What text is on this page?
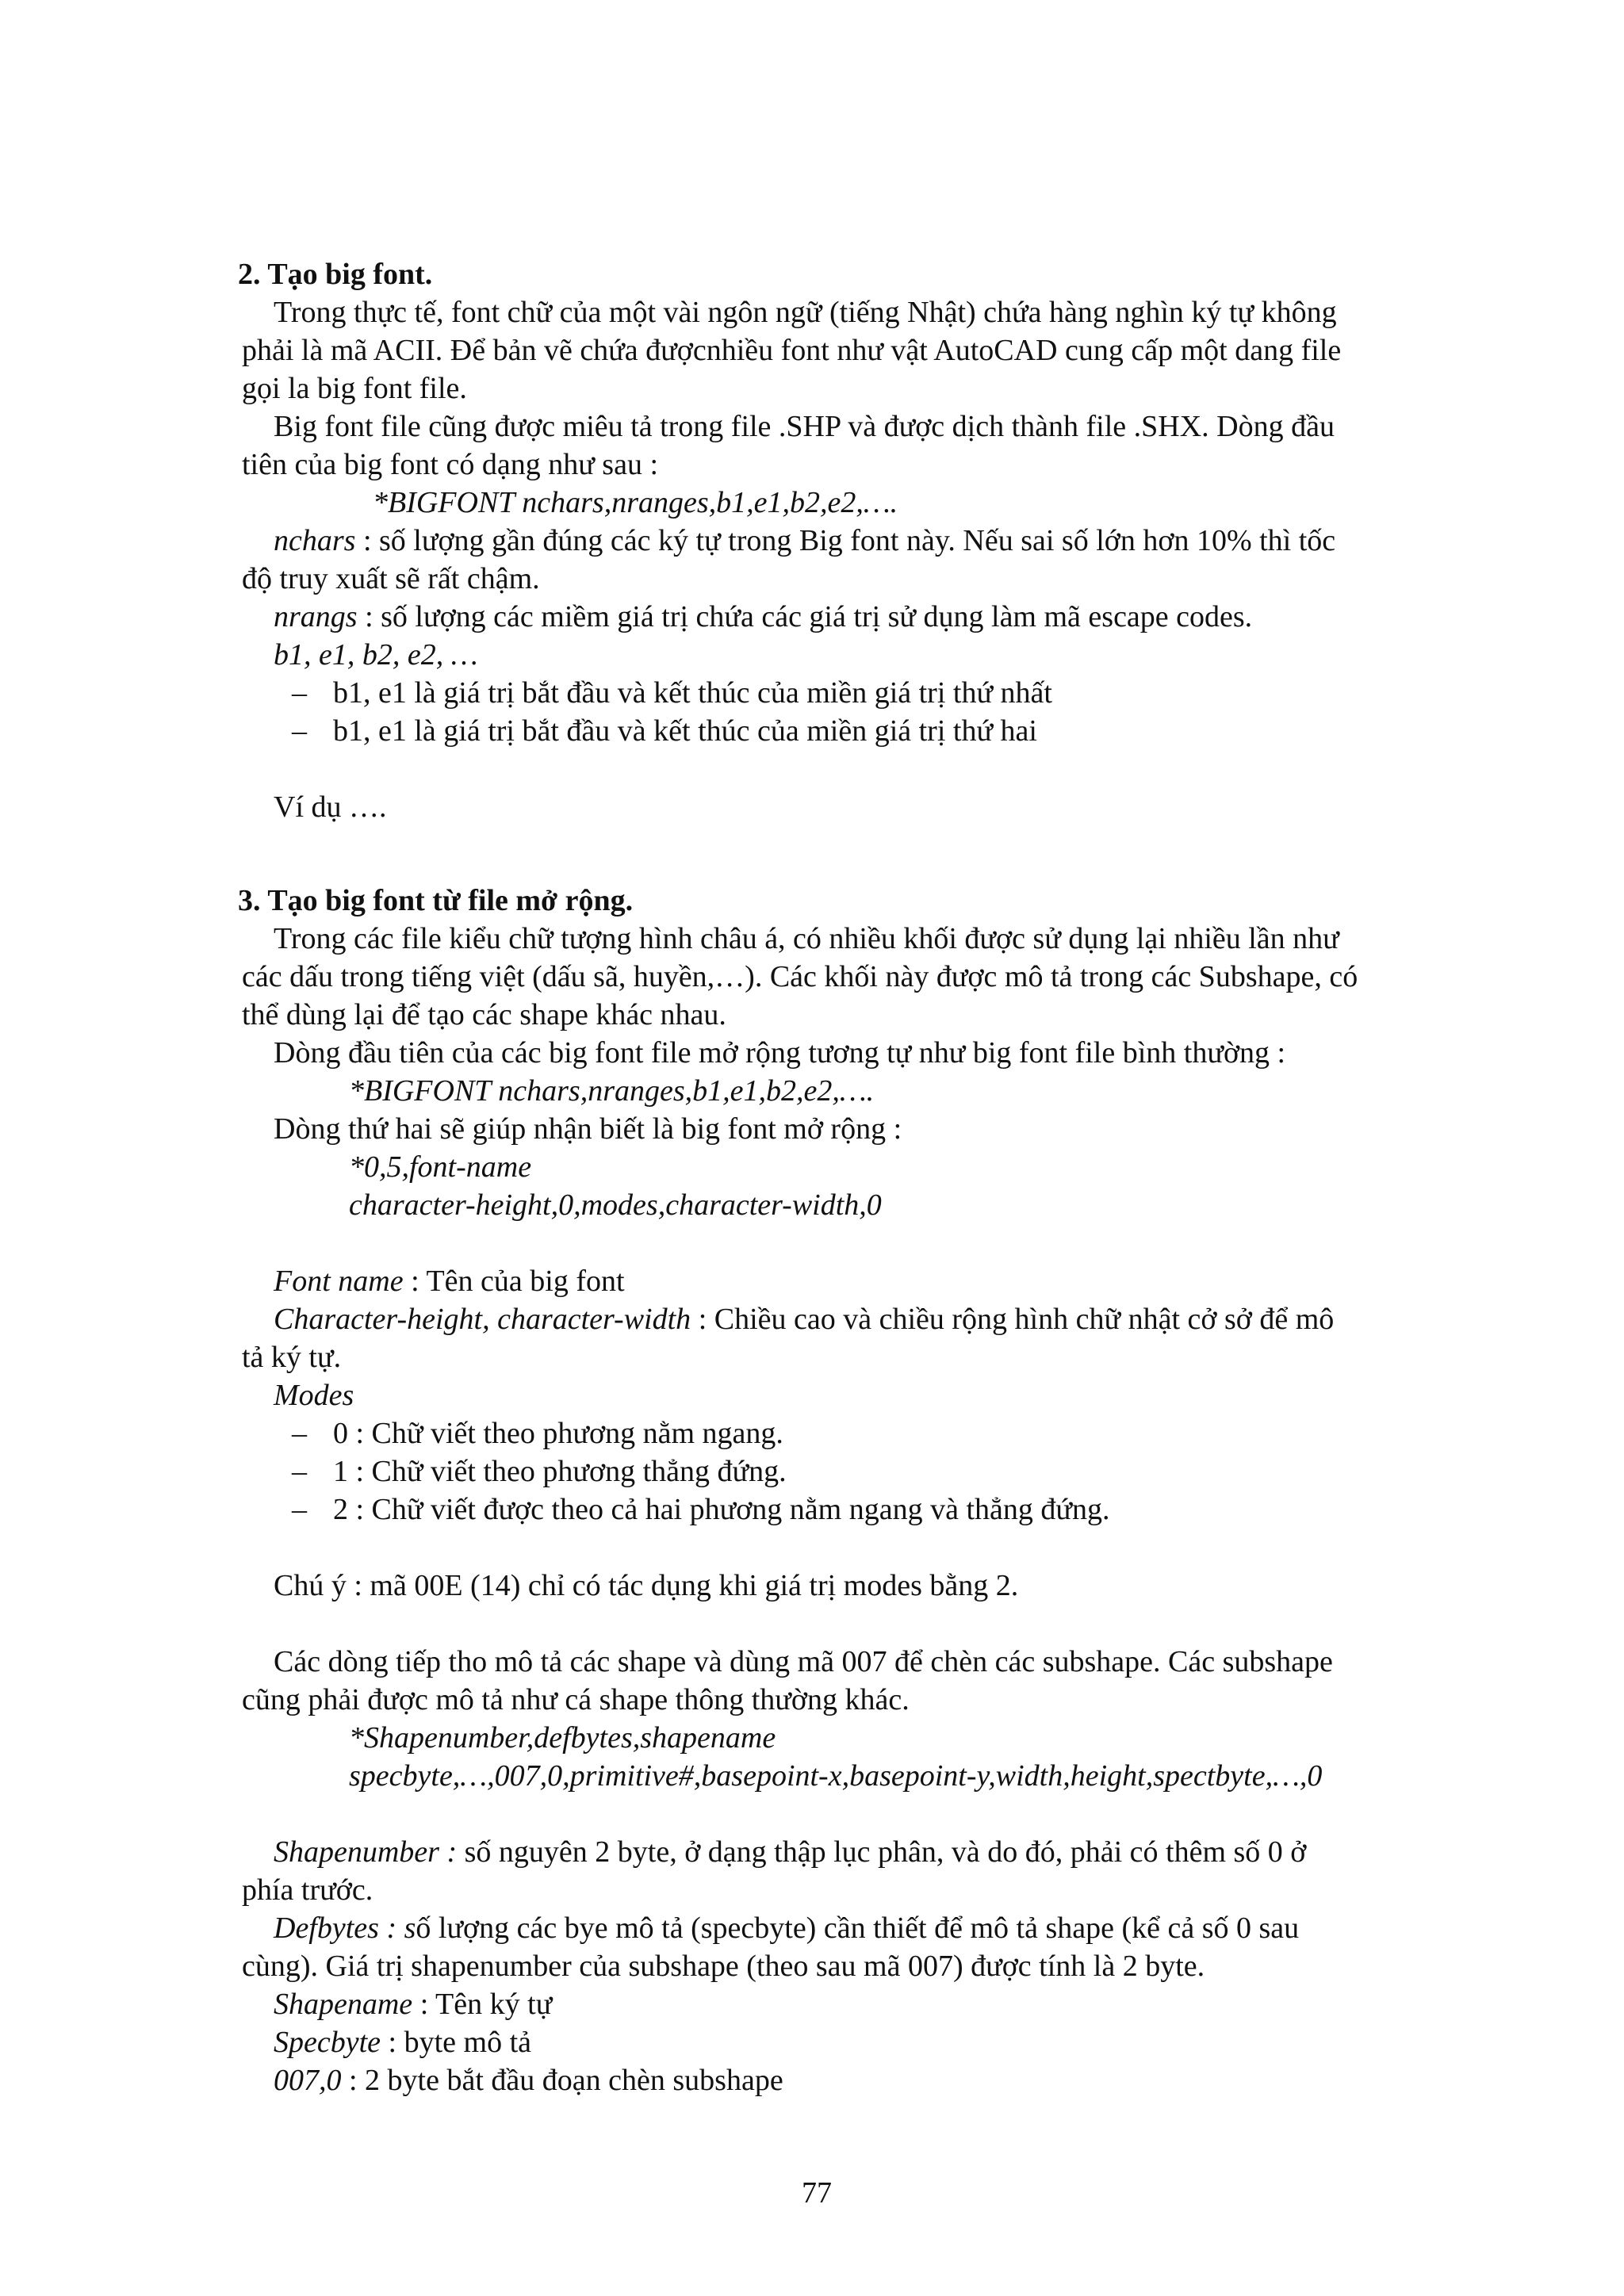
2. Tạo big font.
Trong thực tế, font chữ của một vài ngôn ngữ (tiếng Nhật) chứa hàng nghìn ký tự không
phải là mã ACII. Để bản vẽ chứa đượcnhiều font như vật AutoCAD cung cấp một dang file
gọi la big font file.
Big font file cũng được miêu tả trong file .SHP và được dịch thành file .SHX. Dòng đầu
tiên của big font có dạng như sau :
*BIGFONT nchars,nranges,b1,e1,b2,e2,….
nchars : số lượng gần đúng các ký tự trong Big font này. Nếu sai số lớn hơn 10% thì tốc
độ truy xuất sẽ rất chậm.
nrangs : số lượng các miềm giá trị chứa các giá trị sử dụng làm mã escape codes.
b1, e1, b2, e2, …
– b1, e1 là giá trị bắt đầu và kết thúc của miền giá trị thứ nhất
– b1, e1 là giá trị bắt đầu và kết thúc của miền giá trị thứ hai
Ví dụ ….
3. Tạo big font từ file mở rộng.
Trong các file kiểu chữ tượng hình châu á, có nhiều khối được sử dụng lại nhiều lần như
các dấu trong tiếng việt (dấu sã, huyền,…). Các khối này được mô tả trong các Subshape, có
thể dùng lại để tạo các shape khác nhau.
Dòng đầu tiên của các big font file mở rộng tương tự như big font file bình thường :
*BIGFONT nchars,nranges,b1,e1,b2,e2,….
Dòng thứ hai sẽ giúp nhận biết là big font mở rộng :
*0,5,font-name
character-height,0,modes,character-width,0
Font name : Tên của big font
Character-height, character-width : Chiều cao và chiều rộng hình chữ nhật cở sở để mô
tả ký tự.
Modes
– 0 : Chữ viết theo phương nằm ngang.
– 1 : Chữ viết theo phương thẳng đứng.
– 2 : Chữ viết được theo cả hai phương nằm ngang và thẳng đứng.
Chú ý : mã 00E (14) chỉ có tác dụng khi giá trị modes bằng 2.
Các dòng tiếp tho mô tả các shape và dùng mã 007 để chèn các subshape. Các subshape
cũng phải được mô tả như cá shape thông thường khác.
*Shapenumber,defbytes,shapename
specbyte,…,007,0,primitive#,basepoint-x,basepoint-y,width,height,spectbyte,…,0
Shapenumber : số nguyên 2 byte, ở dạng thập lục phân, và do đó, phải có thêm số 0 ở
phía trước.
Defbytes : số lượng các bye mô tả (specbyte) cần thiết để mô tả shape (kể cả số 0 sau
cùng). Giá trị shapenumber của subshape (theo sau mã 007) được tính là 2 byte.
Shapename : Tên ký tự
Specbyte : byte mô tả
007,0 : 2 byte bắt đầu đoạn chèn subshape
77
